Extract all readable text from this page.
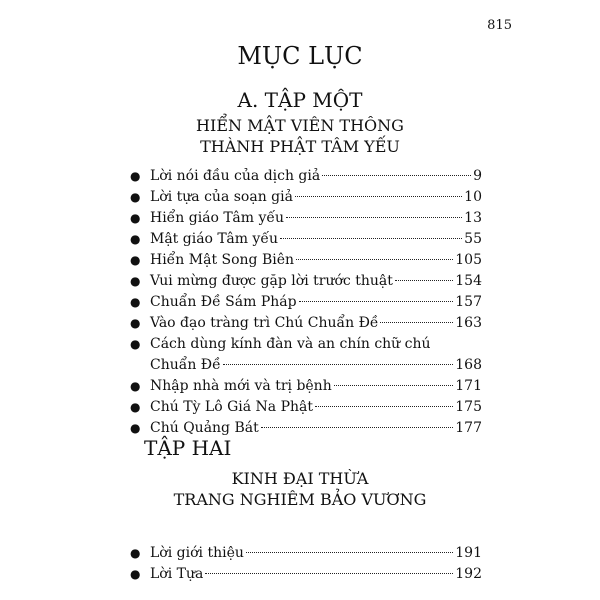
815
MỤC LỤC
A. TẬP MỘT
HIỂN MẬT VIÊN THÔNG
THÀNH PHẬT TÂM YẾU
● Lời nói đầu của dịch giả	9
● Lời tựa của soạn giả	10
● Hiển giáo Tâm yếu	13
● Mật giáo Tâm yếu	55
● Hiển Mật Song Biên	105
● Vui mừng được gặp lời trước thuật	154
● Chuẩn Đề Sám Pháp	157
● Vào đạo tràng trì Chú Chuẩn Đề	163
● Cách dùng kính đàn và an chín chữ chú
Chuẩn Đề	168
● Nhập nhà mới và trị bệnh	171
● Chú Tỳ Lô Giá Na Phật	175
● Chú Quảng Bát	177
● Lời giới thiệu	191
● Lời Tựa	192
TẬP HAI
KINH ĐẠI THỪA
TRANG NGHIÊM BẢO VƯƠNG
